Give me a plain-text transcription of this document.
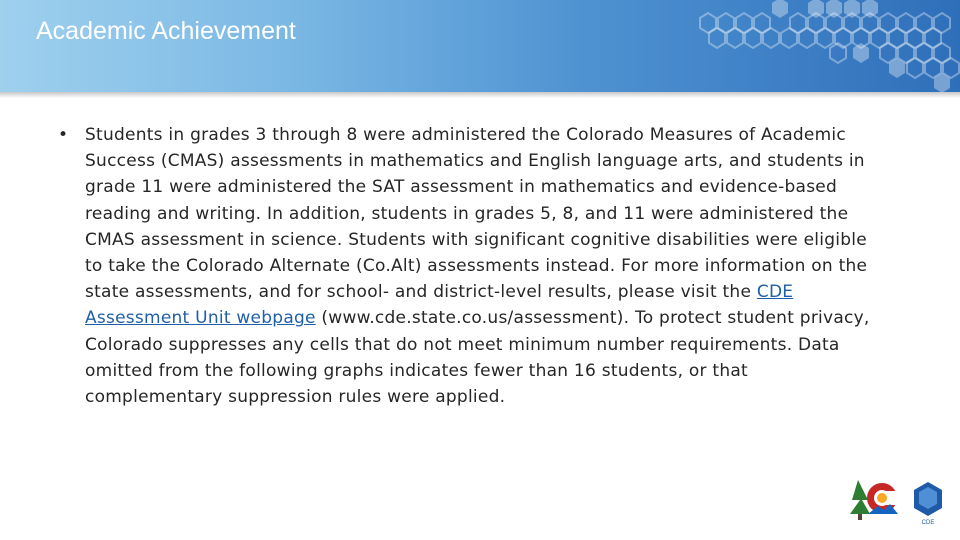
Academic Achievement
• Students in grades 3 through 8 were administered the Colorado Measures of Academic Success (CMAS) assessments in mathematics and English language arts, and students in grade 11 were administered the SAT assessment in mathematics and evidence-based reading and writing. In addition, students in grades 5, 8, and 11 were administered the CMAS assessment in science. Students with significant cognitive disabilities were eligible to take the Colorado Alternate (Co.Alt) assessments instead. For more information on the state assessments, and for school- and district-level results, please visit the CDE Assessment Unit webpage (www.cde.state.co.us/assessment). To protect student privacy, Colorado suppresses any cells that do not meet minimum number requirements. Data omitted from the following graphs indicates fewer than 16 students, or that complementary suppression rules were applied.
CDE
